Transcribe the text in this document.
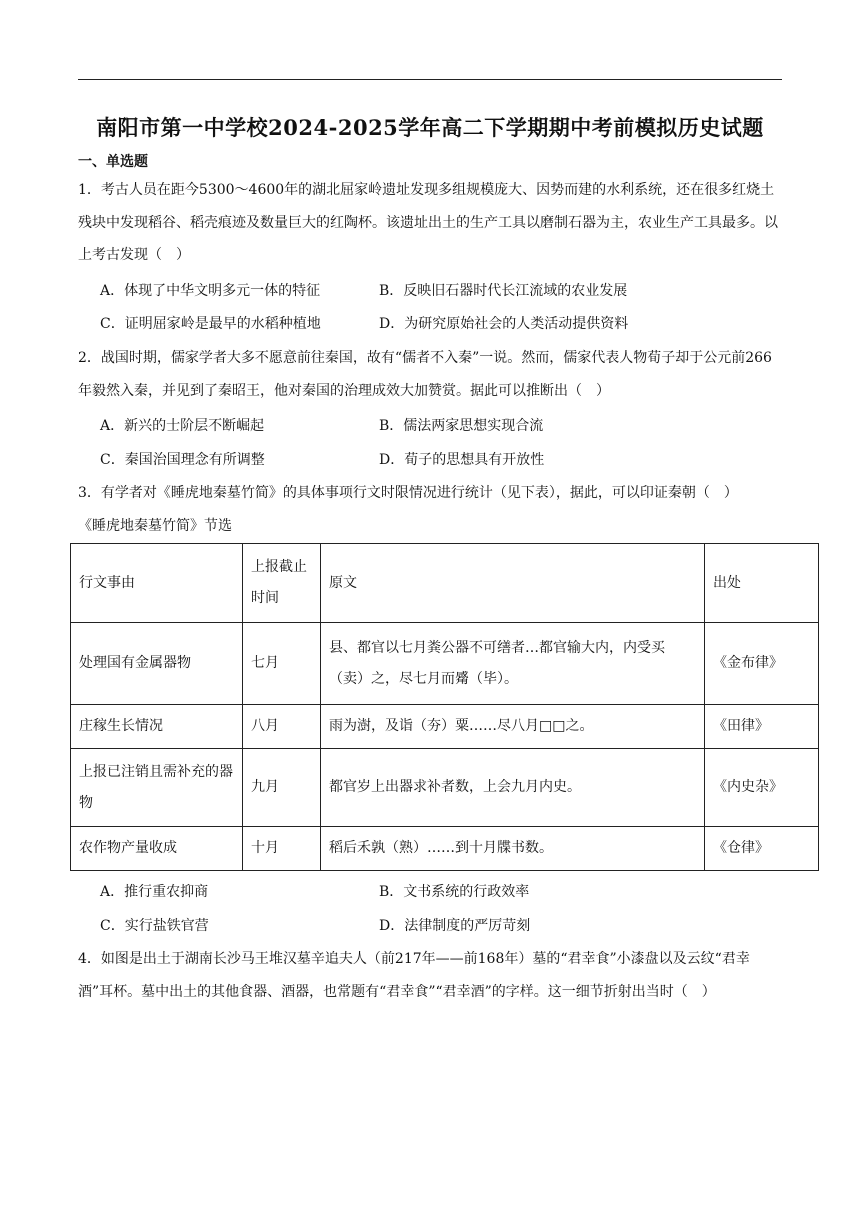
南阳市第一中学校2024-2025学年高二下学期期中考前模拟历史试题
一、单选题
1．考古人员在距今5300～4600年的湖北屈家岭遗址发现多组规模庞大、因势而建的水利系统，还在很多红烧土残块中发现稻谷、稻壳痕迹及数量巨大的红陶杯。该遗址出土的生产工具以磨制石器为主，农业生产工具最多。以上考古发现（　）
A．体现了中华文明多元一体的特征	B．反映旧石器时代长江流域的农业发展
C．证明屈家岭是最早的水稻种植地	D．为研究原始社会的人类活动提供资料
2．战国时期，儒家学者大多不愿意前往秦国，故有“儒者不入秦”一说。然而，儒家代表人物荀子却于公元前266年毅然入秦，并见到了秦昭王，他对秦国的治理成效大加赞赏。据此可以推断出（　）
A．新兴的士阶层不断崛起	B．儒法两家思想实现合流
C．秦国治国理念有所调整	D．荀子的思想具有开放性
3．有学者对《睡虎地秦墓竹简》的具体事项行文时限情况进行统计（见下表），据此，可以印证秦朝（　）
《睡虎地秦墓竹简》节选
行文事由	上报截止时间	原文	出处
处理国有金属器物	七月	县、都官以七月粪公器不可缮者…都官输大内，内受买（卖）之，尽七月而觱（毕）。	《金布律》
庄稼生长情况	八月	雨为澍，及诣（夯）粟……尽八月□□之。	《田律》
上报已注销且需补充的器物	九月	都官岁上出器求补者数，上会九月内史。	《内史杂》
农作物产量收成	十月	稻后禾孰（熟）……到十月牒书数。	《仓律》
A．推行重农抑商	B．文书系统的行政效率
C．实行盐铁官营	D．法律制度的严厉苛刻
4．如图是出土于湖南长沙马王堆汉墓辛追夫人（前217年——前168年）墓的“君幸食”小漆盘以及云纹“君幸酒”耳杯。墓中出土的其他食器、酒器，也常题有“君幸食”“君幸酒”的字样。这一细节折射出当时（　）
